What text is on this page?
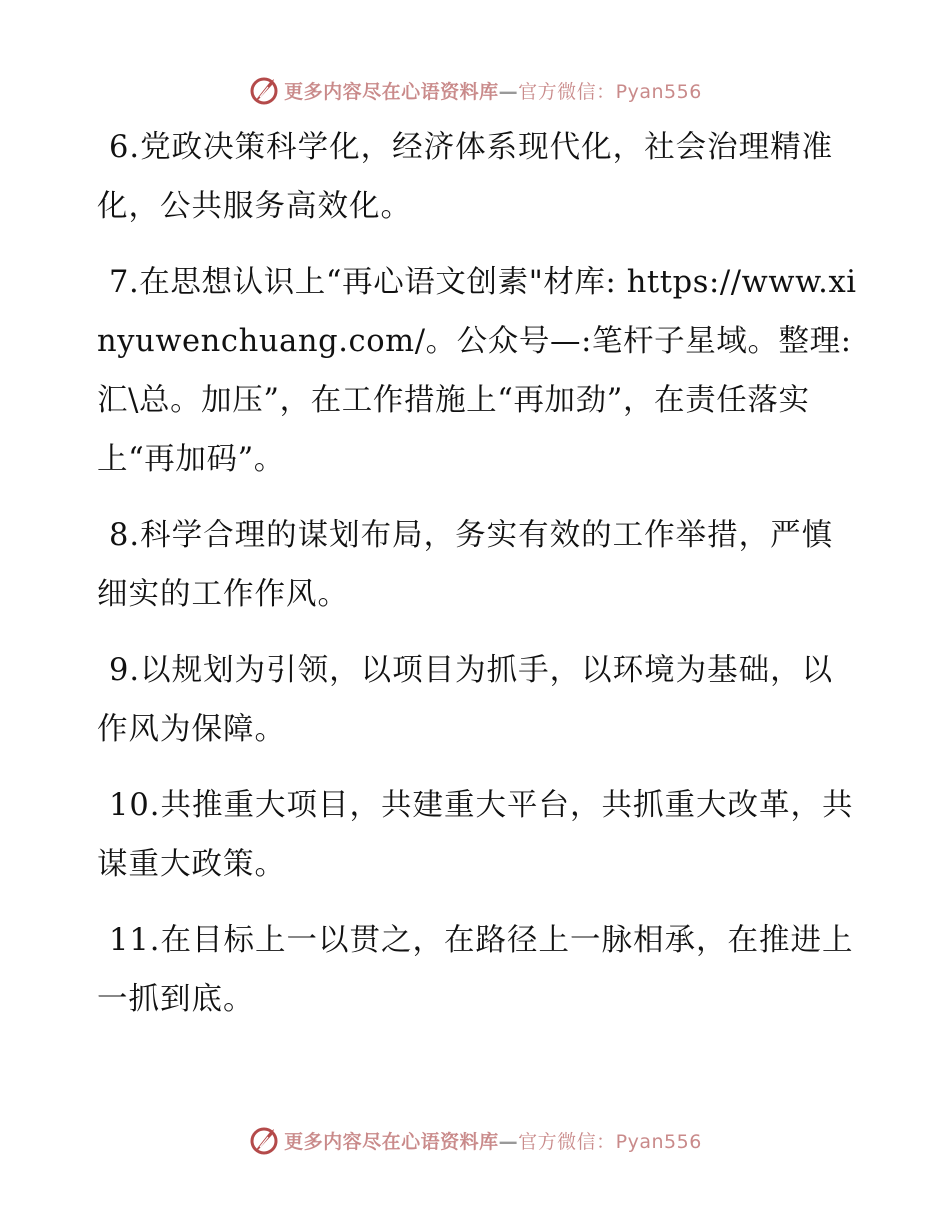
更多内容尽在心语资料库—官方微信：Pyan556

6.党政决策科学化，经济体系现代化，社会治理精准化，公共服务高效化。

7.在思想认识上“再心语文创素"材库: https://www.xinyuwenchuang.com/。公众号—:笔杆子星域。整理:汇\总。加压”，在工作措施上“再加劲”，在责任落实上“再加码”。

8.科学合理的谋划布局，务实有效的工作举措，严慎细实的工作作风。

9.以规划为引领，以项目为抓手，以环境为基础，以作风为保障。

10.共推重大项目，共建重大平台，共抓重大改革，共谋重大政策。

11.在目标上一以贯之，在路径上一脉相承，在推进上一抓到底。

更多内容尽在心语资料库—官方微信：Pyan556
